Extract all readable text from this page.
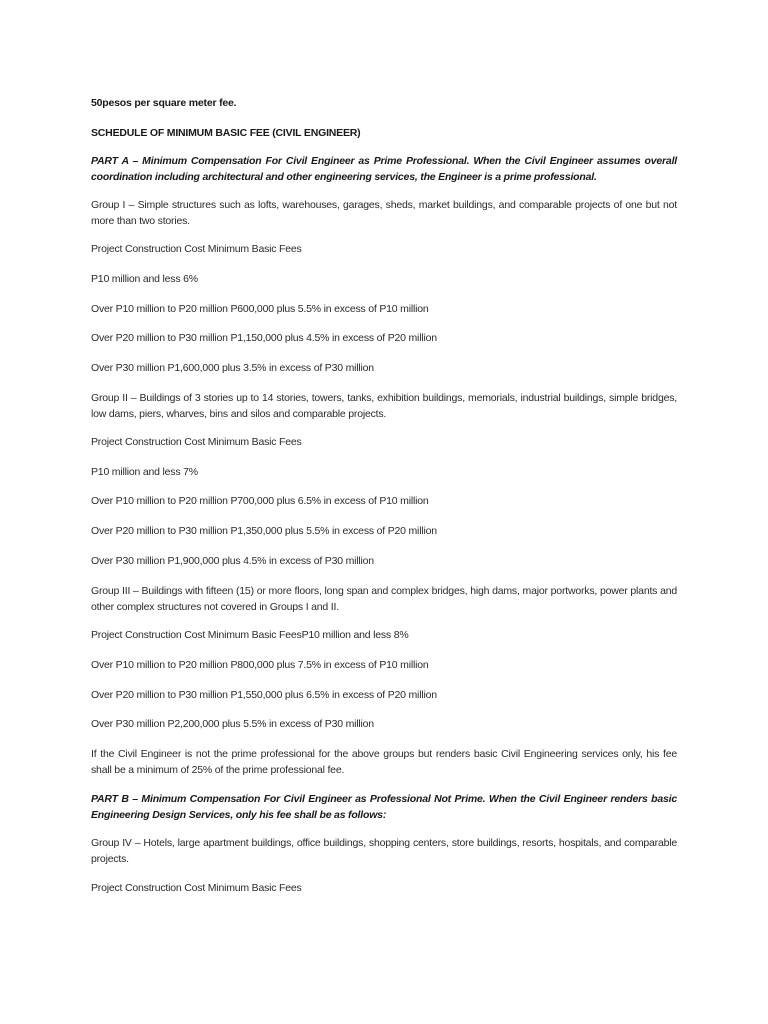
50pesos per square meter fee.

SCHEDULE OF MINIMUM BASIC FEE (CIVIL ENGINEER)

PART A – Minimum Compensation For Civil Engineer as Prime Professional. When the Civil Engineer assumes overall coordination including architectural and other engineering services, the Engineer is a prime professional.

Group I – Simple structures such as lofts, warehouses, garages, sheds, market buildings, and comparable projects of one but not more than two stories.

Project Construction Cost Minimum Basic Fees

P10 million and less 6%

Over P10 million to P20 million P600,000 plus 5.5% in excess of P10 million

Over P20 million to P30 million P1,150,000 plus 4.5% in excess of P20 million

Over P30 million P1,600,000 plus 3.5% in excess of P30 million

Group II – Buildings of 3 stories up to 14 stories, towers, tanks, exhibition buildings, memorials, industrial buildings, simple bridges, low dams, piers, wharves, bins and silos and comparable projects.

Project Construction Cost Minimum Basic Fees

P10 million and less 7%

Over P10 million to P20 million P700,000 plus 6.5% in excess of P10 million

Over P20 million to P30 million P1,350,000 plus 5.5% in excess of P20 million

Over P30 million P1,900,000 plus 4.5% in excess of P30 million

Group III – Buildings with fifteen (15) or more floors, long span and complex bridges, high dams, major portworks, power plants and other complex structures not covered in Groups I and II.

Project Construction Cost Minimum Basic FeesP10 million and less 8%

Over P10 million to P20 million P800,000 plus 7.5% in excess of P10 million

Over P20 million to P30 million P1,550,000 plus 6.5% in excess of P20 million

Over P30 million P2,200,000 plus 5.5% in excess of P30 million

If the Civil Engineer is not the prime professional for the above groups but renders basic Civil Engineering services only, his fee shall be a minimum of 25% of the prime professional fee.

PART B – Minimum Compensation For Civil Engineer as Professional Not Prime. When the Civil Engineer renders basic Engineering Design Services, only his fee shall be as follows:

Group IV – Hotels, large apartment buildings, office buildings, shopping centers, store buildings, resorts, hospitals, and comparable projects.

Project Construction Cost Minimum Basic Fees
